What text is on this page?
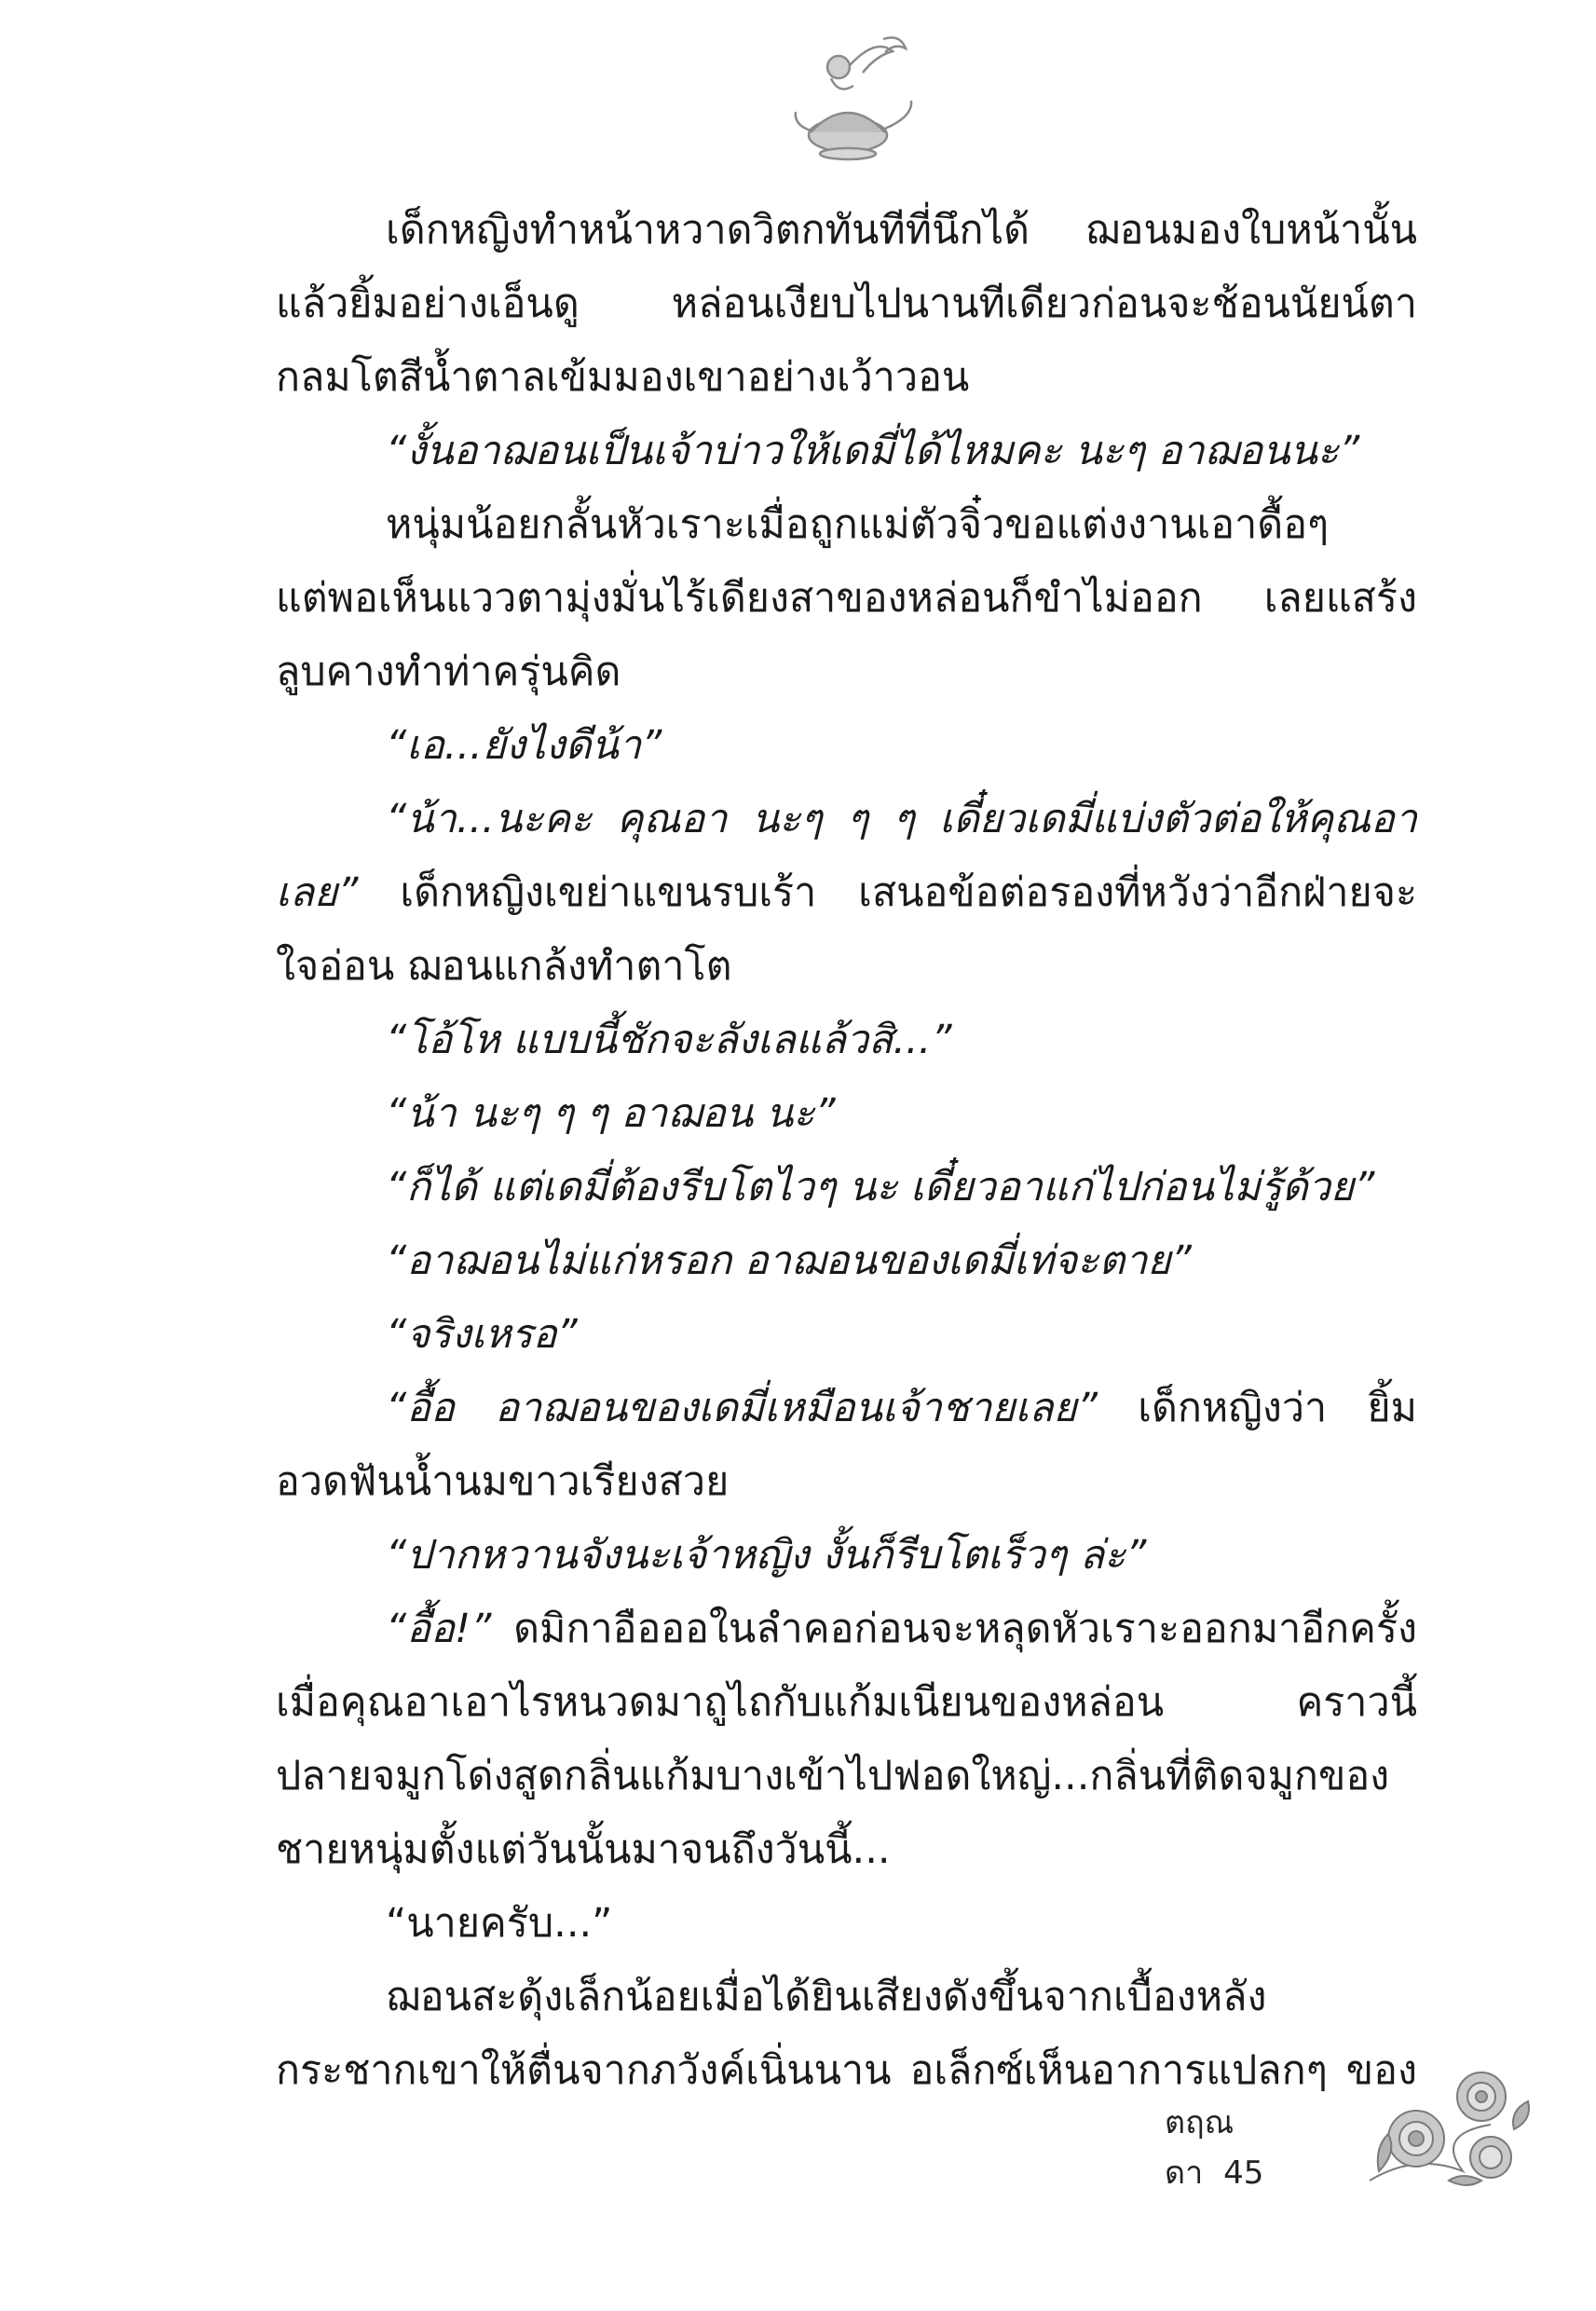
เด็กหญิงทำหน้าหวาดวิตกทันทีที่นึกได้ ฌอนมองใบหน้านั้น

แล้วยิ้มอย่างเอ็นดู หล่อนเงียบไปนานทีเดียวก่อนจะช้อนนัยน์ตา

กลมโตสีน้ำตาลเข้มมองเขาอย่างเว้าวอน

“งั้นอาฌอนเป็นเจ้าบ่าวให้เดมี่ได้ไหมคะ นะๆ อาฌอนนะ”

หนุ่มน้อยกลั้นหัวเราะเมื่อถูกแม่ตัวจิ๋วขอแต่งงานเอาดื้อๆ

แต่พอเห็นแววตามุ่งมั่นไร้เดียงสาของหล่อนก็ขำไม่ออก เลยแสร้ง

ลูบคางทำท่าครุ่นคิด

“เอ...ยังไงดีน้า”

“น้า...นะคะ คุณอา นะๆ ๆ ๆ เดี๋ยวเดมี่แบ่งตัวต่อให้คุณอา

เลย” เด็กหญิงเขย่าแขนรบเร้า เสนอข้อต่อรองที่หวังว่าอีกฝ่ายจะ

ใจอ่อน ฌอนแกล้งทำตาโต

“โอ้โห แบบนี้ชักจะลังเลแล้วสิ...”

“น้า นะๆ ๆ ๆ อาฌอน นะ”

“ก็ได้ แต่เดมี่ต้องรีบโตไวๆ นะ เดี๋ยวอาแก่ไปก่อนไม่รู้ด้วย”

“อาฌอนไม่แก่หรอก อาฌอนของเดมี่เท่จะตาย”

“จริงเหรอ”

“อื้อ อาฌอนของเดมี่เหมือนเจ้าชายเลย” เด็กหญิงว่า ยิ้ม

อวดฟันน้ำนมขาวเรียงสวย

“ปากหวานจังนะเจ้าหญิง งั้นก็รีบโตเร็วๆ ล่ะ”

“อื้อ!” ดมิกาอือออในลำคอก่อนจะหลุดหัวเราะออกมาอีกครั้ง

เมื่อคุณอาเอาไรหนวดมาถูไถกับแก้มเนียนของหล่อน คราวนี้

ปลายจมูกโด่งสูดกลิ่นแก้มบางเข้าไปฟอดใหญ่...กลิ่นที่ติดจมูกของ

ชายหนุ่มตั้งแต่วันนั้นมาจนถึงวันนี้...

“นายครับ...”

ฌอนสะดุ้งเล็กน้อยเมื่อได้ยินเสียงดังขึ้นจากเบื้องหลัง

กระชากเขาให้ตื่นจากภวังค์เนิ่นนาน อเล็กซ์เห็นอาการแปลกๆ ของ

ตฤณดา 45
